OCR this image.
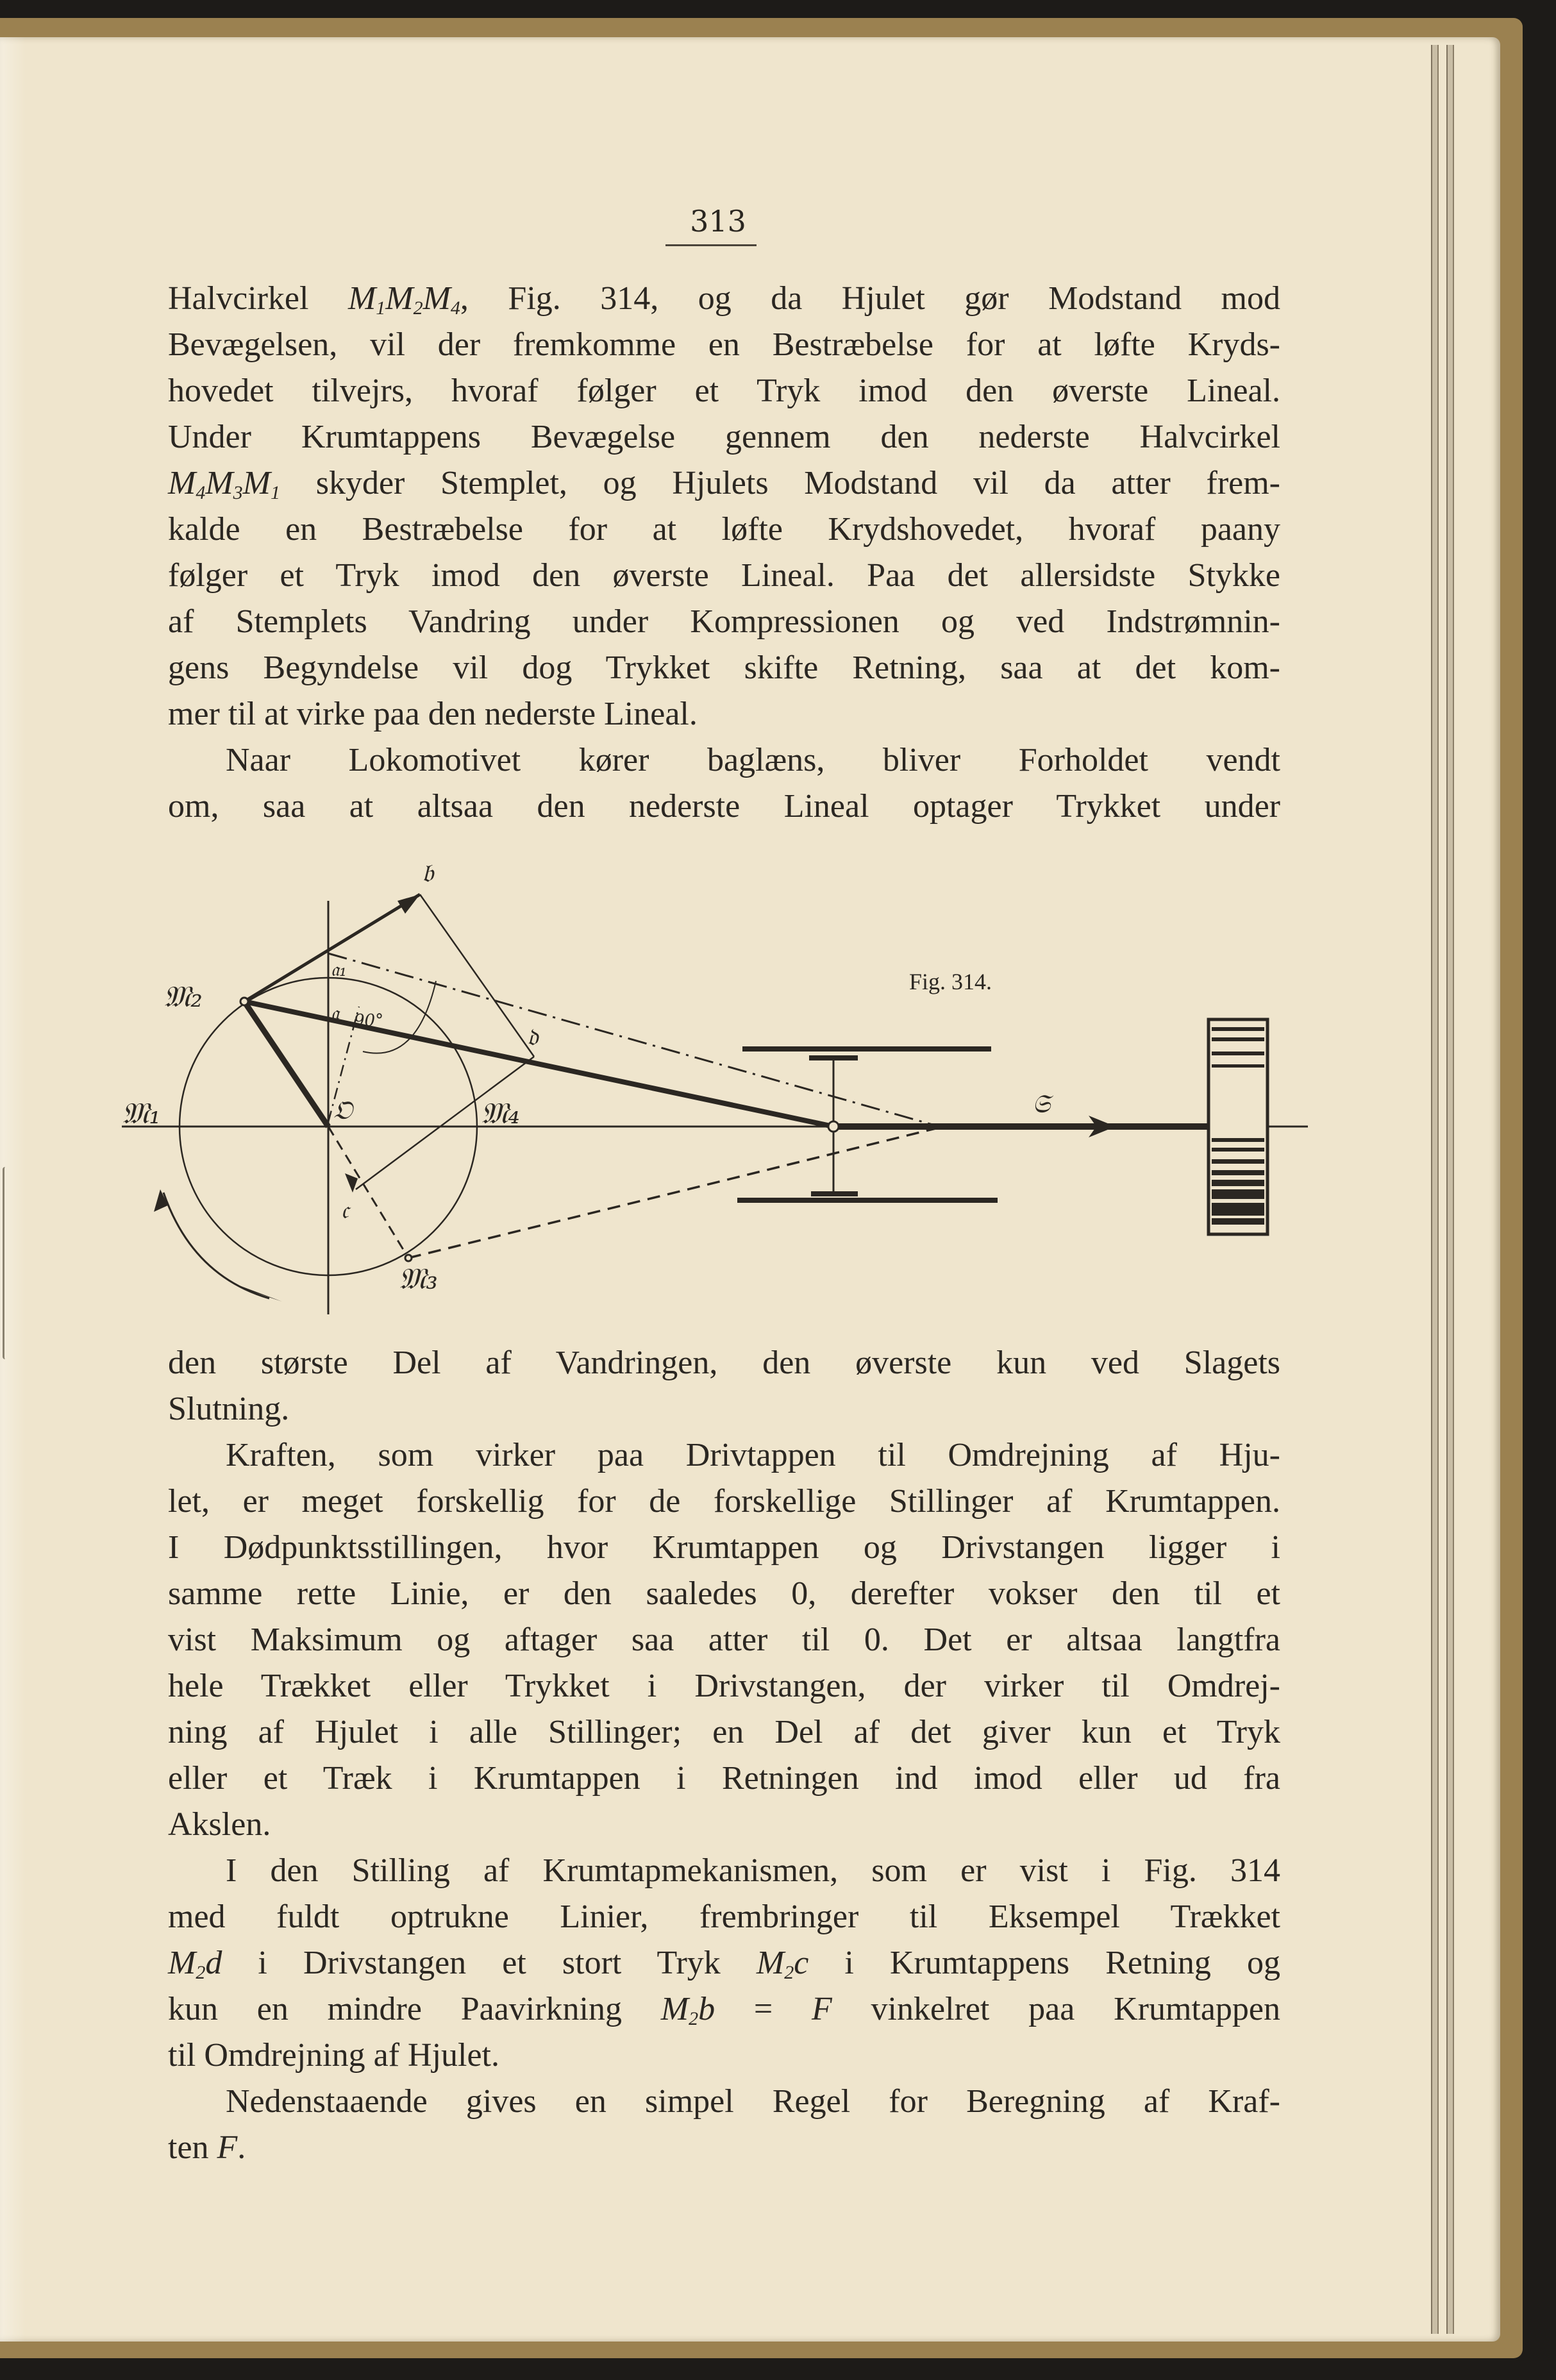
313
Halvcirkel $M_1M_2M_4$, Fig. 314, og da Hjulet gør Modstand mod
Bevægelsen, vil der fremkomme en Bestræbelse for at løfte Kryds-
hovedet tilvejrs, hvoraf følger et Tryk imod den øverste Lineal.
Under Krumtappens Bevægelse gennem den nederste Halvcirkel
$M_4M_3M_1$ skyder Stemplet, og Hjulets Modstand vil da atter frem-
kalde en Bestræbelse for at løfte Krydshovedet, hvoraf paany
følger et Tryk imod den øverste Lineal. Paa det allersidste Stykke
af Stemplets Vandring under Kompressionen og ved Indstrømnin-
gens Begyndelse vil dog Trykket skifte Retning, saa at det kom-
mer til at virke paa den nederste Lineal.
Naar Lokomotivet kører baglæns, bliver Forholdet vendt
om, saa at altsaa den nederste Lineal optager Trykket under
Fig. 314.
𝔐₁
𝔐₂
𝔐₃
𝔐₄
𝔒
𝔞
𝔞₁
𝔟
𝔠
𝔡
𝔖
90°
den største Del af Vandringen, den øverste kun ved Slagets
Slutning.
Kraften, som virker paa Drivtappen til Omdrejning af Hju-
let, er meget forskellig for de forskellige Stillinger af Krumtappen.
I Dødpunktsstillingen, hvor Krumtappen og Drivstangen ligger i
samme rette Linie, er den saaledes 0, derefter vokser den til et
vist Maksimum og aftager saa atter til 0. Det er altsaa langtfra
hele Trækket eller Trykket i Drivstangen, der virker til Omdrej-
ning af Hjulet i alle Stillinger; en Del af det giver kun et Tryk
eller et Træk i Krumtappen i Retningen ind imod eller ud fra
Akslen.
I den Stilling af Krumtapmekanismen, som er vist i Fig. 314
med fuldt optrukne Linier, frembringer til Eksempel Trækket
$M_2d$ i Drivstangen et stort Tryk $M_2c$ i Krumtappens Retning og
kun en mindre Paavirkning $M_2b = F$ vinkelret paa Krumtappen
til Omdrejning af Hjulet.
Nedenstaaende gives en simpel Regel for Beregning af Kraf-
ten F.
